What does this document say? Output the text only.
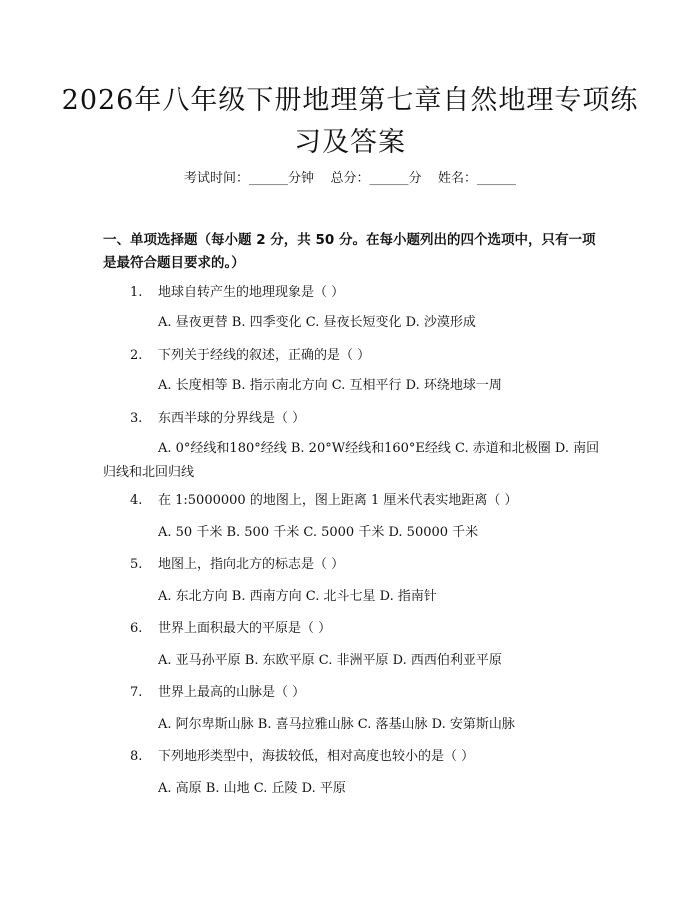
2026年八年级下册地理第七章自然地理专项练习及答案
考试时间：______分钟    总分：______分    姓名：______
一、单项选择题（每小题 2 分，共 50 分。在每小题列出的四个选项中，只有一项是最符合题目要求的。）
1. 地球自转产生的地理现象是（ ）
A. 昼夜更替 B. 四季变化 C. 昼夜长短变化 D. 沙漠形成
2. 下列关于经线的叙述，正确的是（ ）
A. 长度相等 B. 指示南北方向 C. 互相平行 D. 环绕地球一周
3. 东西半球的分界线是（ ）
A. 0°经线和180°经线 B. 20°W经线和160°E经线 C. 赤道和北极圈 D. 南回归线和北回归线
4. 在 1:5000000 的地图上，图上距离 1 厘米代表实地距离（ ）
A. 50 千米 B. 500 千米 C. 5000 千米 D. 50000 千米
5. 地图上，指向北方的标志是（ ）
A. 东北方向 B. 西南方向 C. 北斗七星 D. 指南针
6. 世界上面积最大的平原是（ ）
A. 亚马孙平原 B. 东欧平原 C. 非洲平原 D. 西西伯利亚平原
7. 世界上最高的山脉是（ ）
A. 阿尔卑斯山脉 B. 喜马拉雅山脉 C. 落基山脉 D. 安第斯山脉
8. 下列地形类型中，海拔较低，相对高度也较小的是（ ）
A. 高原 B. 山地 C. 丘陵 D. 平原
